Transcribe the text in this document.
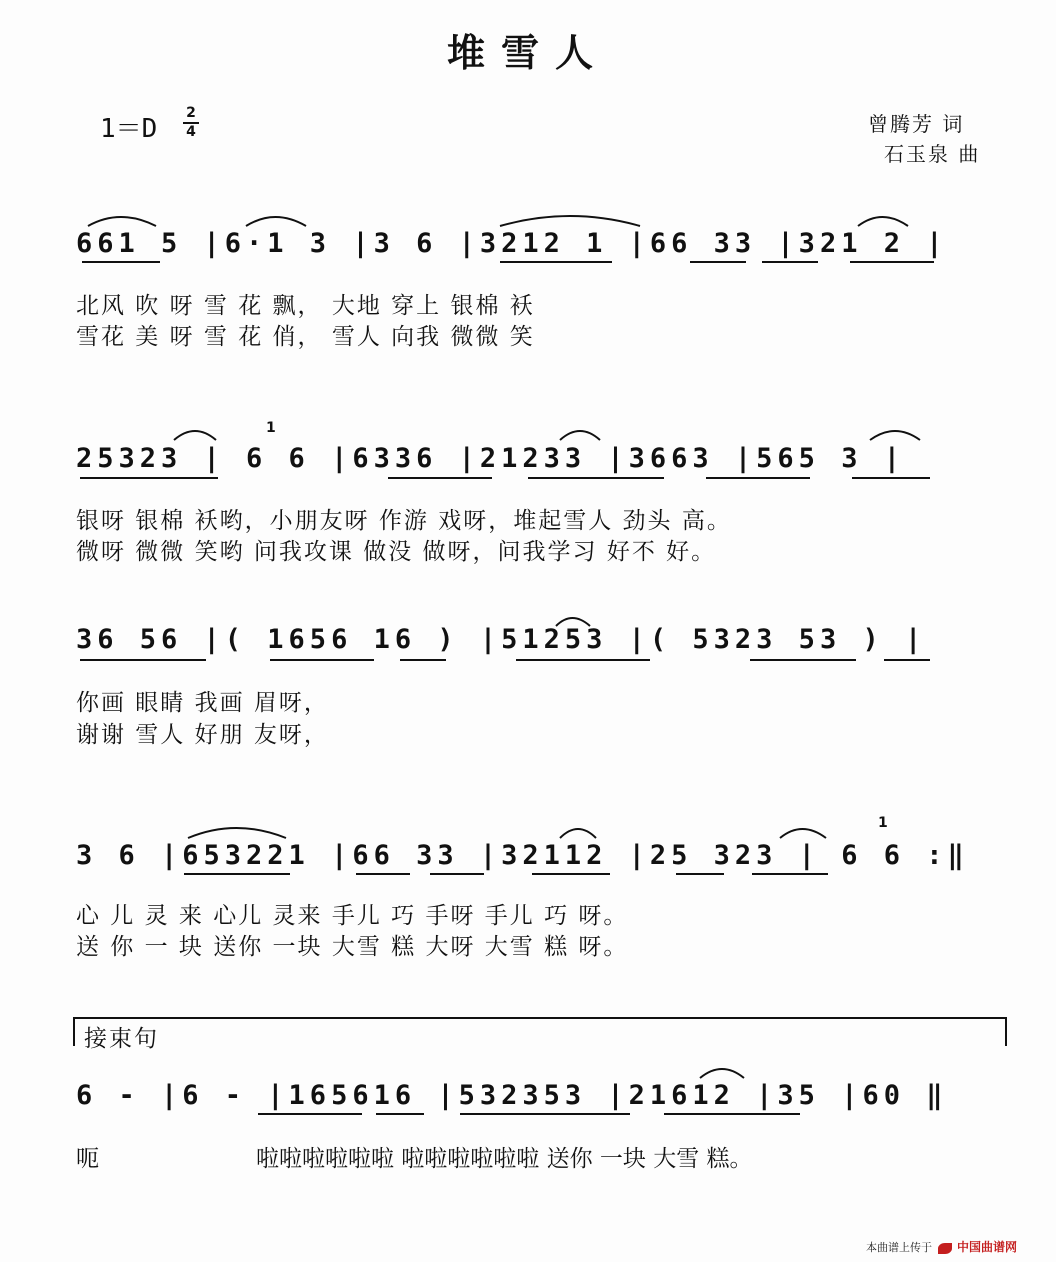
堆雪人
1＝D
2
4	曾腾芳 词
石玉泉 曲
661 5 |6·1 3 |3 6 |3212 1 |66 33 |321 2 |
北风 吹 呀 雪 花 飘， 大地 穿上 银棉 袄
雪花 美 呀 雪 花 俏， 雪人 向我 微微 笑
1
25323 | 6 6 |6336 |21233 |3663 |565 3 |
银呀 银棉 袄哟，小朋友呀 作游 戏呀，堆起雪人 劲头 高。
微呀 微微 笑哟 问我攻课 做没 做呀，问我学习 好不 好。
36 56 |( 1656 16 ) |51253 |( 5323 53 ) |
你画 眼睛 我画 眉呀，
谢谢 雪人 好朋 友呀，
1
3 6 |653221 |66 33 |32112 |25 323 | 6 6 :‖
心 儿 灵 来 心儿 灵来 手儿 巧 手呀 手儿 巧 呀。
送 你 一 块 送你 一块 大雪 糕 大呀 大雪 糕 呀。
接束句
6 - |6 - |165616 |532353 |21612 |35 |60 ‖
呃	啦啦啦啦啦啦 啦啦啦啦啦啦 送你 一块 大雪 糕。
本曲谱上传于 中国曲谱网
